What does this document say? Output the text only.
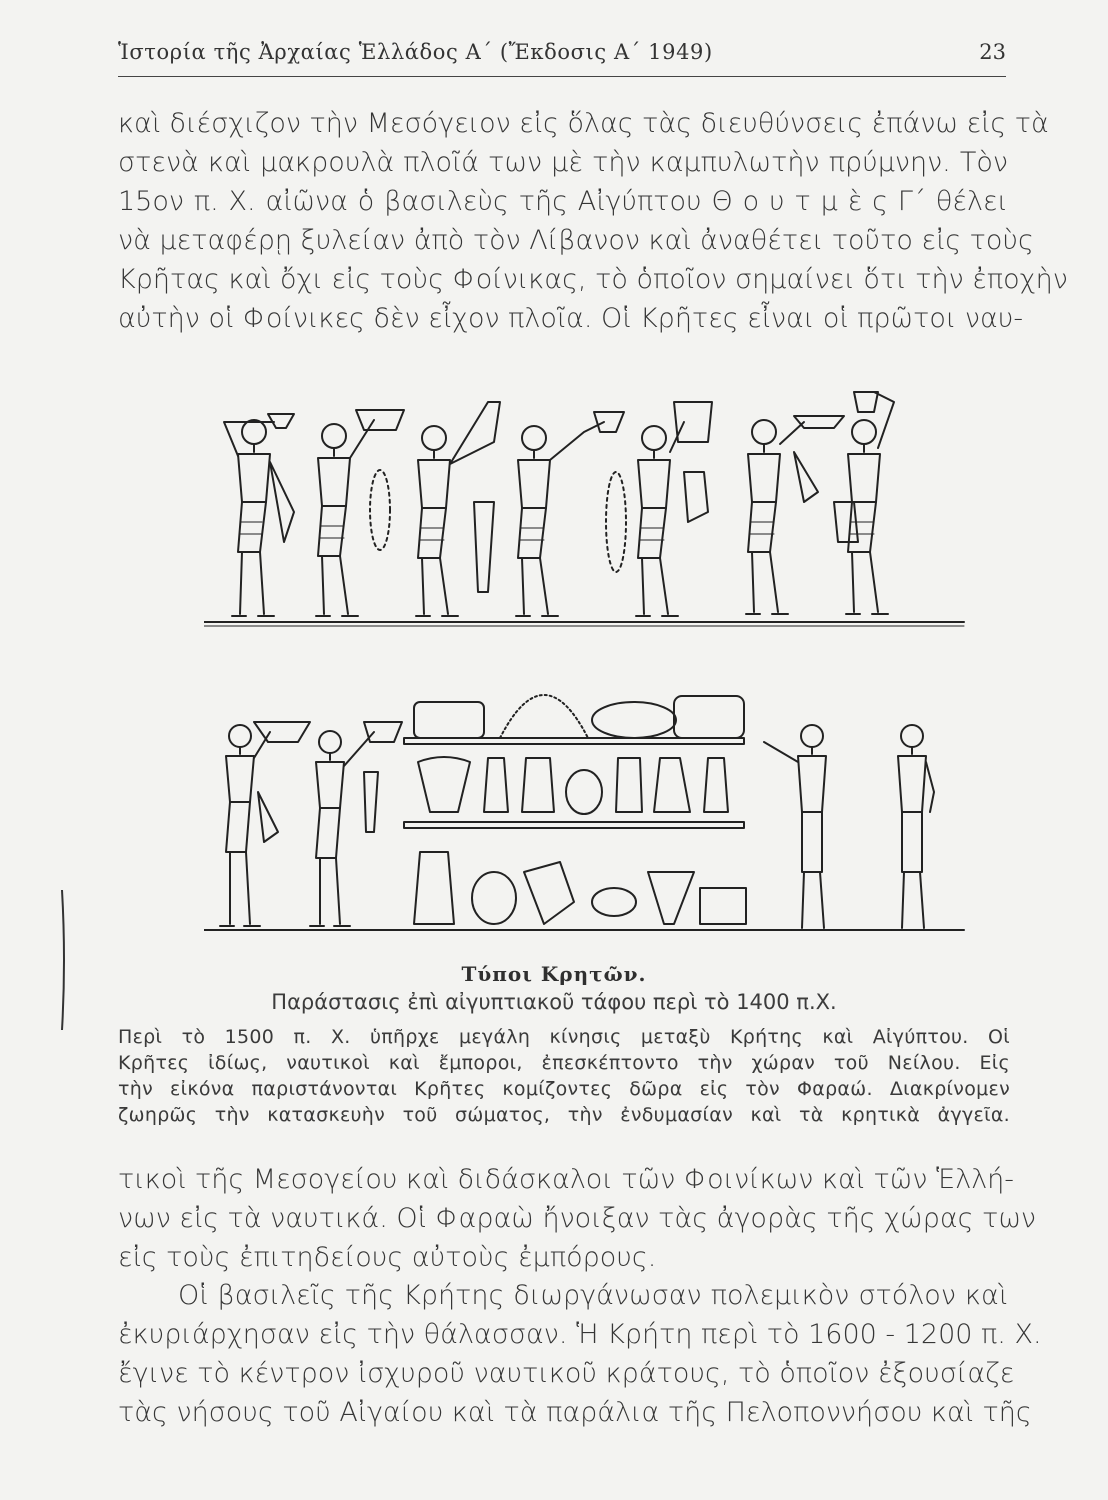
Ἱστορία τῆς Ἀρχαίας Ἑλλάδος Α΄ (Ἔκδοσις Α΄ 1949)	23
καὶ διέσχιζον τὴν Μεσόγειον εἰς ὅλας τὰς διευθύνσεις ἐπάνω εἰς τὰ
στενὰ καὶ μακρουλὰ πλοῖά των μὲ τὴν καμπυλωτὴν πρύμνην. Τὸν
15ον π. Χ. αἰῶνα ὁ βασιλεὺς τῆς Αἰγύπτου Θ ο υ τ μ ὲ ς Γ΄ θέλει
νὰ μεταφέρῃ ξυλείαν ἀπὸ τὸν Λίβανον καὶ ἀναθέτει τοῦτο εἰς τοὺς
Κρῆτας καὶ ὄχι εἰς τοὺς Φοίνικας, τὸ ὁποῖον σημαίνει ὅτι τὴν ἐποχὴν
αὐτὴν οἱ Φοίνικες δὲν εἶχον πλοῖα. Οἱ Κρῆτες εἶναι οἱ πρῶτοι ναυ-
Τύποι Κρητῶν.
Παράστασις ἐπὶ αἰγυπτιακοῦ τάφου περὶ τὸ 1400 π.Χ.
Περὶ τὸ 1500 π. Χ. ὑπῆρχε μεγάλη κίνησις μεταξὺ Κρήτης καὶ Αἰγύπτου. Οἱ
Κρῆτες ἰδίως, ναυτικοὶ καὶ ἔμποροι, ἐπεσκέπτοντο τὴν χώραν τοῦ Νείλου. Εἰς
τὴν εἰκόνα παριστάνονται Κρῆτες κομίζοντες δῶρα εἰς τὸν Φαραώ. Διακρίνομεν
ζωηρῶς τὴν κατασκευὴν τοῦ σώματος, τὴν ἐνδυμασίαν καὶ τὰ κρητικὰ ἀγγεῖα.
τικοὶ τῆς Μεσογείου καὶ διδάσκαλοι τῶν Φοινίκων καὶ τῶν Ἑλλή-
νων εἰς τὰ ναυτικά. Οἱ Φαραὼ ἤνοιξαν τὰς ἀγορὰς τῆς χώρας των
εἰς τοὺς ἐπιτηδείους αὐτοὺς ἐμπόρους.
Οἱ βασιλεῖς τῆς Κρήτης διωργάνωσαν πολεμικὸν στόλον καὶ
ἐκυριάρχησαν εἰς τὴν θάλασσαν. Ἡ Κρήτη περὶ τὸ 1600 - 1200 π. Χ.
ἔγινε τὸ κέντρον ἰσχυροῦ ναυτικοῦ κράτους, τὸ ὁποῖον ἐξουσίαζε
τὰς νήσους τοῦ Αἰγαίου καὶ τὰ παράλια τῆς Πελοποννήσου καὶ τῆς
